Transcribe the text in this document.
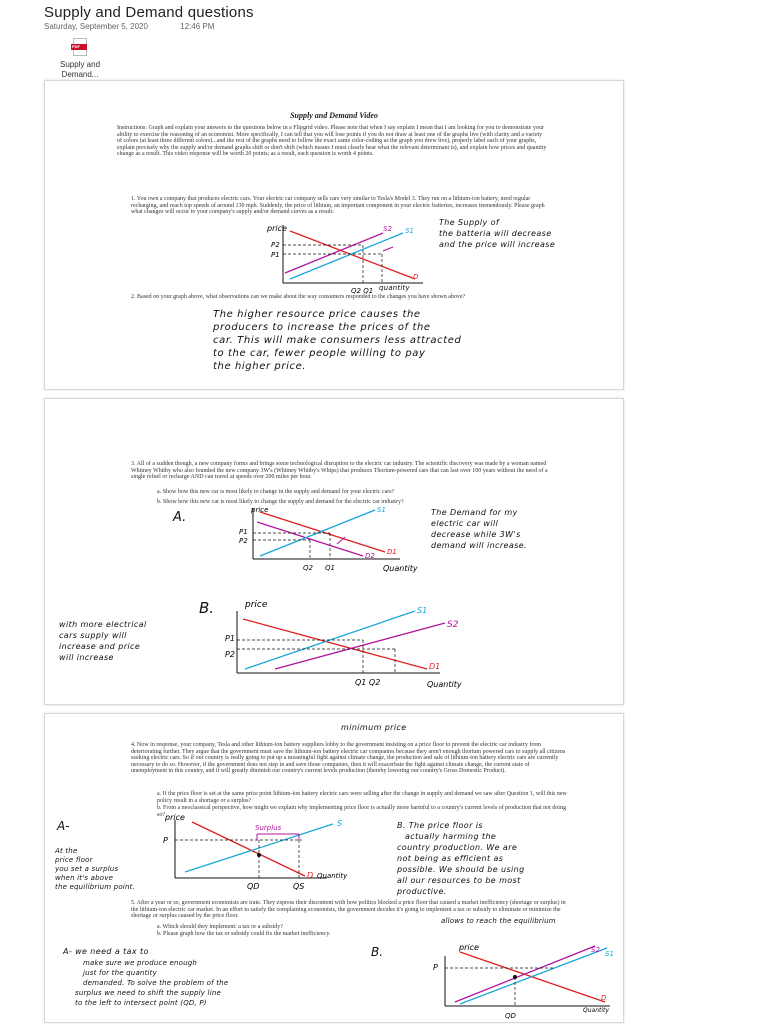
Supply and Demand questions
Saturday, September 5, 2020	12:46 PM
PDF
Supply and Demand...
Supply and Demand Video
Instructions: Graph and explain your answers to the questions below in a Flipgrid video. Please note that when I say explain I mean that I am looking for you to demonstrate your ability to exercise the reasoning of an economist. More specifically, I can tell that you will lose points if you do not draw at least one of the graphs live (with clarity and a variety of colors (at least three different colors)...and the rest of the graphs need to follow the exact same color-coding as the graph you drew live), properly label each of your graphs, explain precisely why the supply and/or demand graphs shift or don't shift (which means I must clearly hear what the relevant determinant is), and explain how prices and quantity change as a result. This video response will be worth 20 points; as a result, each question is worth 4 points.
1. You own a company that produces electric cars. Your electric car company sells cars very similar to Tesla's Model 3. They run on a lithium-ion battery, need regular recharging, and reach top speeds of around 130 mph. Suddenly, the price of lithium, an important component in your electric batteries, increases tremendously. Please graph what changes will occur to your company's supply and/or demand curves as a result:
price
P2
P1
S2 S1
D
Q2 Q1 quantity
The Supply of
the batteria will decrease
and the price will increase
2. Based on your graph above, what observations can we make about the way consumers responded to the changes you have shown above?
The higher resource price causes the
producers to increase the prices of the
car. This will make consumers less attracted
to the car, fewer people willing to pay
the higher price.
3. All of a sudden though, a new company forms and brings some technological disruption to the electric car industry. The scientific discovery was made by a woman named Whitney Whitby who also founded the new company 3W's (Whitney Whitby's Whips) that produces Thorium-powered cars that can last over 100 years without the need of a single refuel or recharge AND can travel at speeds over 200 miles per hour.
a. Show how this new car is most likely to change in the supply and demand for your electric cars?
b. Show how this new car is most likely to change the supply and demand for the electric car industry?
A.	price
P1
P2
S1
D1
D2
Q2 Q1	Quantity
The Demand for my
electric car will
decrease while 3W's
demand will increase.
B.	price
P1
P2
S1
S2
D1
Q1 Q2	Quantity
with more electrical
cars supply will
increase and price
will increase
minimum price
4. Now in response, your company, Tesla and other lithium-ion battery suppliers lobby to the government insisting on a price floor to prevent the electric car industry from deteriorating further. They argue that the government must save the lithium-ion battery electric car companies because they aren't enough thorium powered cars to supply all citizens seeking electric cars. So if our country is really going to put up a meaningful fight against climate change, the production and sale of lithium-ion battery electric cars are currently necessary to do so. However, if the government does not step in and save those companies, then it will exacerbate the fight against climate change, the current state of unemployment in this country, and it will greatly diminish our country's current levels production (thereby lowering our country's Gross Domestic Product).
a. If the price floor is set at the same price point lithium-ion battery electric cars were selling after the change in supply and demand we saw after Question 1, will this new policy result in a shortage or a surplus?
b. From a neoclassical perspective, how might we explain why implementing price floor is actually more harmful to a country's current levels of production that not doing so?
A-
price
Surplus	S
D
P
Quantity
QD	QS
At the
price floor
you set a surplus
when it's above
the equilibrium point.
B. The price floor is
actually harming the
country production. We are
not being as efficient as
possible. We should be using
all our resources to be most
productive.
5. After a year or so, government economists are irate. They express their discontent with how politics blocked a price floor that caused a market inefficiency (shortage or surplus) in the lithium-ion electric car market. In an effort to satisfy the complaining economists, the government decides it's going to implement a tax or subsidy to eliminate or minimize the shortage or surplus caused by the price floor.
allows to reach the equilibrium
a. Which should they implement: a tax or a subsidy?
b. Please graph how the tax or subsidy could fix the market inefficiency.
A- we need a tax to
make sure we produce enough
just for the quantity
demanded. To solve the problem of the
surplus we need to shift the supply line
to the left to intersect point (QD, P)
B.	price
P
S2 S1
D
QD
Quantity
